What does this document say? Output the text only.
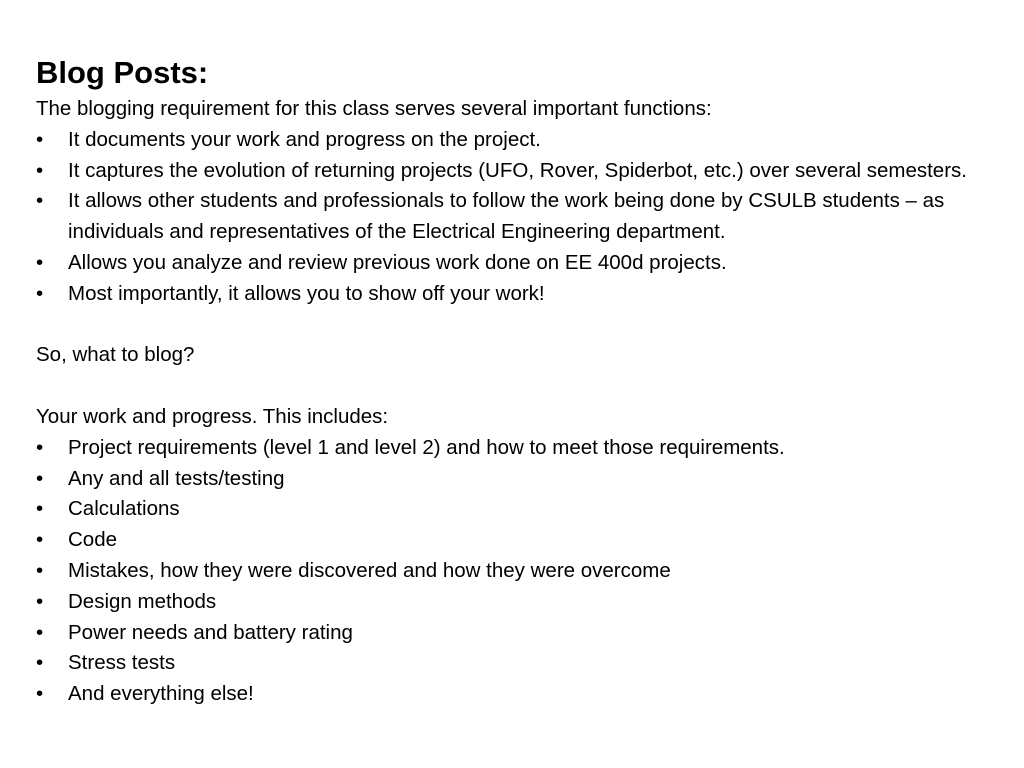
Blog Posts:

The blogging requirement for this class serves several important functions:

•	It documents your work and progress on the project.
•	It captures the evolution of returning projects (UFO, Rover, Spiderbot, etc.) over several semesters.
•	It allows other students and professionals to follow the work being done by CSULB students – as individuals and representatives of the Electrical Engineering department.
•	Allows you analyze and review previous work done on EE 400d projects.
•	Most importantly, it allows you to show off your work!

So, what to blog?

Your work and progress. This includes:

•	Project requirements (level 1 and level 2) and how to meet those requirements.
•	Any and all tests/testing
•	Calculations
•	Code
•	Mistakes, how they were discovered and how they were overcome
•	Design methods
•	Power needs and battery rating
•	Stress tests
•	And everything else!
